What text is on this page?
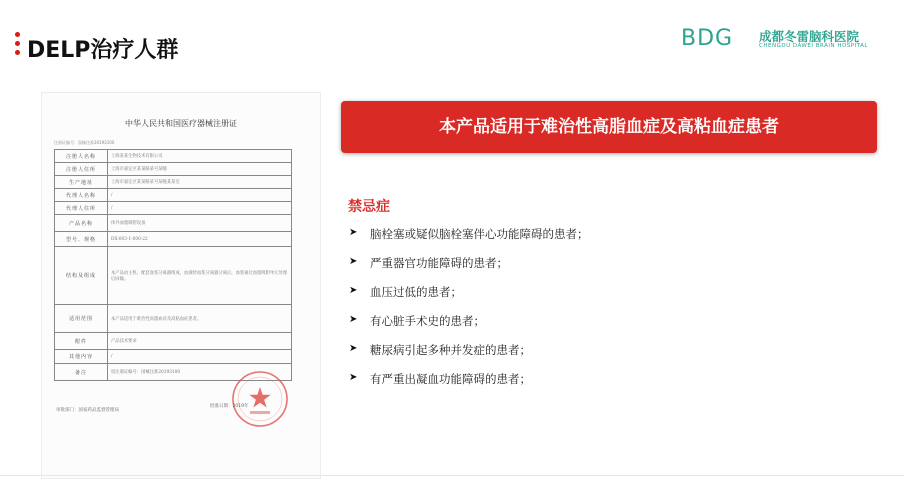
DELP治疗人群	BDG 成都冬雷脑科医院
CHENGDU DAWEI BRAIN HOSPITAL
中华人民共和国医疗器械注册证
注册证编号：国械注准20193100
注册人名称	上海某某生物技术有限公司
注册人住所	上海市嘉定区某某路某号某幢
生产地址	上海市嘉定区某某路某号某幢某某室
代理人名称	/
代理人住所	/
产品名称	体外血脂吸附设备
型号、规格	DX-003-1-000-22
结构及组成	本产品由主机、配套血浆分离器组成，血液经血浆分离器分离后，血浆通过血脂吸附单元处理后回输。
适用范围	本产品适用于难治性高脂血症及高粘血症患者。
附件	产品技术要求
其他内容	/
备注	原注册证编号：国械注准20193100
审批部门：国家药品监督管理局
批准日期：2019年
本产品适用于难治性高脂血症及高粘血症患者
禁忌症
➤ 脑栓塞或疑似脑栓塞伴心功能障碍的患者；
➤ 严重器官功能障碍的患者；
➤ 血压过低的患者；
➤ 有心脏手术史的患者；
➤ 糖尿病引起多种并发症的患者；
➤ 有严重出凝血功能障碍的患者；
